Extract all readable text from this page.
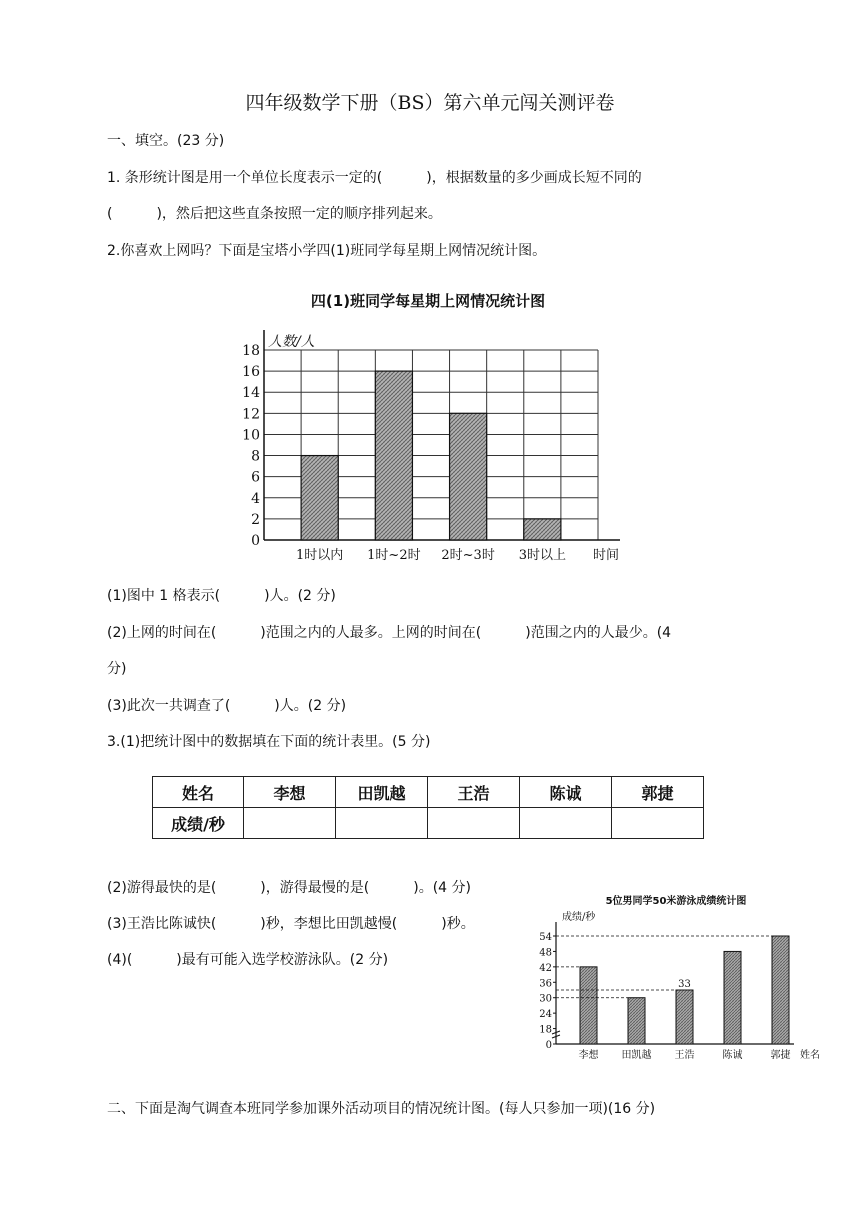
四年级数学下册（BS）第六单元闯关测评卷
一、填空。(23 分)
1. 条形统计图是用一个单位长度表示一定的(	)，根据数量的多少画成长短不同的
(	)，然后把这些直条按照一定的顺序排列起来。
2.你喜欢上网吗？下面是宝塔小学四(1)班同学每星期上网情况统计图。
四(1)班同学每星期上网情况统计图
0
2
4
6
8
10
12
14
16
18
人数/人
1时以内 1时~2时 2时~3时 3时以上 时间
(1)图中 1 格表示(	)人。(2 分)
(2)上网的时间在(	)范围之内的人最多。上网的时间在(	)范围之内的人最少。(4
分)
(3)此次一共调查了(	)人。(2 分)
3.(1)把统计图中的数据填在下面的统计表里。(5 分)
姓名	李想	田凯越	王浩	陈诚	郭捷
成绩/秒					
(2)游得最快的是(	)，游得最慢的是(	)。(4 分)
(3)王浩比陈诚快(	)秒，李想比田凯越慢(	)秒。
(4)(	)最有可能入选学校游泳队。(2 分)
5位男同学50米游泳成绩统计图
成绩/秒
0
18
24
30
36
42
48
54
李想 田凯越 王浩
33
陈诚	郭捷 姓名
二、下面是淘气调查本班同学参加课外活动项目的情况统计图。(每人只参加一项)(16 分)
